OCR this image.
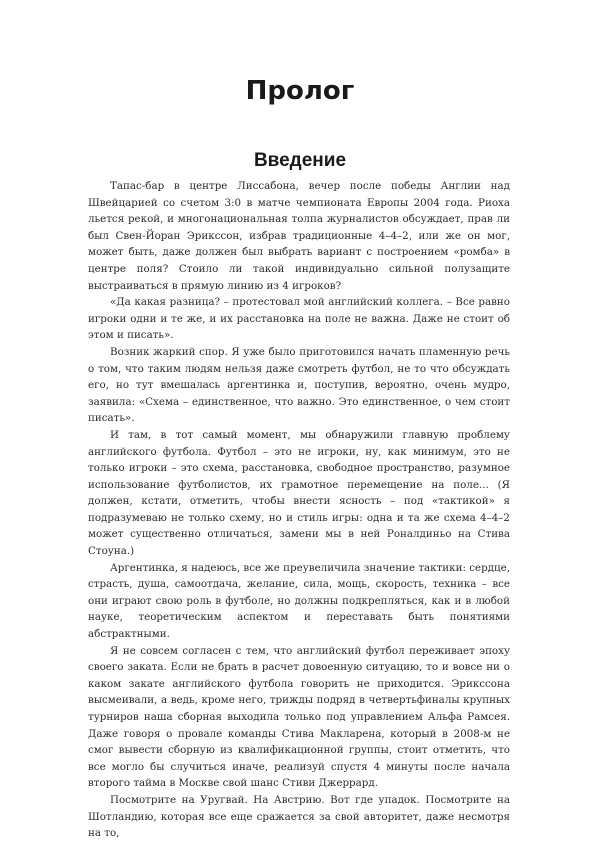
Пролог
Введение

Тапас-бар в центре Лиссабона, вечер после победы Англии над Швейцарией со счетом 3:0 в матче чемпионата Европы 2004 года. Риоха льется рекой, и многонациональная толпа журналистов обсуждает, прав ли был Свен-Йоран Эрикссон, избрав традиционные 4–4–2, или же он мог, может быть, даже должен был выбрать вариант с построением «ромба» в центре поля? Стоило ли такой индивидуально сильной полузащите выстраиваться в прямую линию из 4 игроков?

«Да какая разница? – протестовал мой английский коллега. – Все равно игроки одни и те же, и их расстановка на поле не важна. Даже не стоит об этом и писать».

Возник жаркий спор. Я уже было приготовился начать пламенную речь о том, что таким людям нельзя даже смотреть футбол, не то что обсуждать его, но тут вмешалась аргентинка и, поступив, вероятно, очень мудро, заявила: «Схема – единственное, что важно. Это единственное, о чем стоит писать».

И там, в тот самый момент, мы обнаружили главную проблему английского футбола. Футбол – это не игроки, ну, как минимум, это не только игроки – это схема, расстановка, свободное пространство, разумное использование футболистов, их грамотное перемещение на поле... (Я должен, кстати, отметить, чтобы внести ясность – под «тактикой» я подразумеваю не только схему, но и стиль игры: одна и та же схема 4–4–2 может существенно отличаться, замени мы в ней Роналдиньо на Стива Стоуна.)

Аргентинка, я надеюсь, все же преувеличила значение тактики: сердце, страсть, душа, самоотдача, желание, сила, мощь, скорость, техника – все они играют свою роль в футболе, но должны подкрепляться, как и в любой науке, теоретическим аспектом и переставать быть понятиями абстрактными.

Я не совсем согласен с тем, что английский футбол переживает эпоху своего заката. Если не брать в расчет довоенную ситуацию, то и вовсе ни о каком закате английского футбола говорить не приходится. Эрикссона высмеивали, а ведь, кроме него, трижды подряд в четвертьфиналы крупных турниров наша сборная выходила только под управлением Альфа Рамсея. Даже говоря о провале команды Стива Макларена, который в 2008-м не смог вывести сборную из квалификационной группы, стоит отметить, что все могло бы случиться иначе, реализуй спустя 4 минуты после начала второго тайма в Москве свой шанс Стиви Джеррард.

Посмотрите на Уругвай. На Австрию. Вот где упадок. Посмотрите на Шотландию, которая все еще сражается за свой авторитет, даже несмотря на то,
